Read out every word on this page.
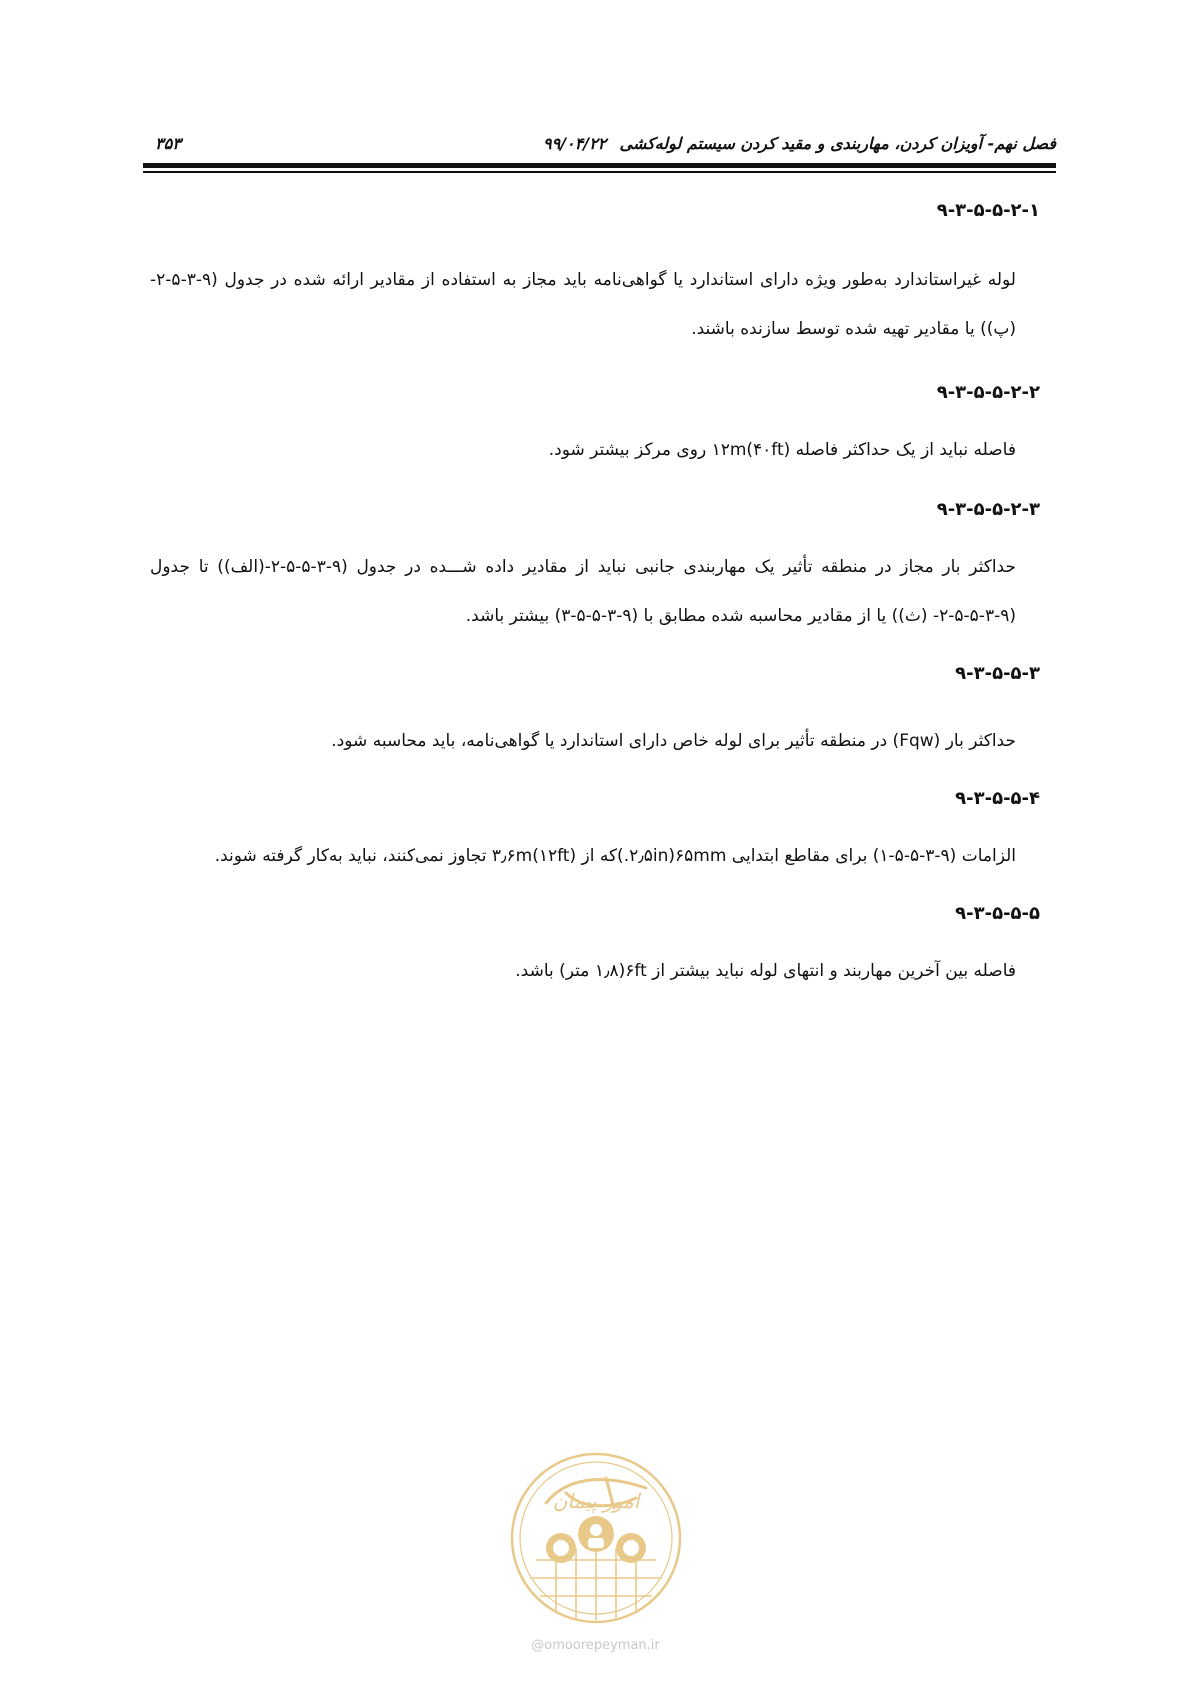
فصل نهم- آویزان کردن، مهاربندی و مقید کردن سیستم لوله‌کشی
۹۹/۰۴/۲۲
۳۵۳
۹-۳-۵-۵-۲-۱

لوله غیراستاندارد به‌طور ویژه دارای استاندارد یا گواهی‌نامه باید مجاز به استفاده از مقادیر ارائه شده در جدول (۹-۳-۵-۲-(پ)) یا مقادیر تهیه شده توسط سازنده باشند.

۹-۳-۵-۵-۲-۲

فاصله نباید از یک حداکثر فاصله ۱۲m(۴۰ft) روی مرکز بیشتر شود.

۹-۳-۵-۵-۲-۳

حداکثر بار مجاز در منطقه تأثیر یک مهاربندی جانبی نباید از مقادیر داده شـــده در جدول (۹-۳-۵-۵-۲-(الف)) تا جدول (۹-۳-۵-۵-۲- (ث)) یا از مقادیر محاسبه شده مطابق با (۹-۳-۵-۵-۳) بیشتر باشد.

۹-۳-۵-۵-۳

حداکثر بار (Fqw) در منطقه تأثیر برای لوله خاص دارای استاندارد یا گواهی‌نامه، باید محاسبه شود.

۹-۳-۵-۵-۴

الزامات (۹-۳-۵-۵-۱) برای مقاطع ابتدایی ۶۵mm(۲٫۵in.)که از ۳٫۶m(۱۲ft) تجاوز نمی‌کنند، نباید به‌کار گرفته شوند.

۹-۳-۵-۵-۵

فاصله بین آخرین مهاربند و انتهای لوله نباید بیشتر از ۶ft(۱٫۸ متر) باشد.

امور پیمان
@omoorepeyman.ir
